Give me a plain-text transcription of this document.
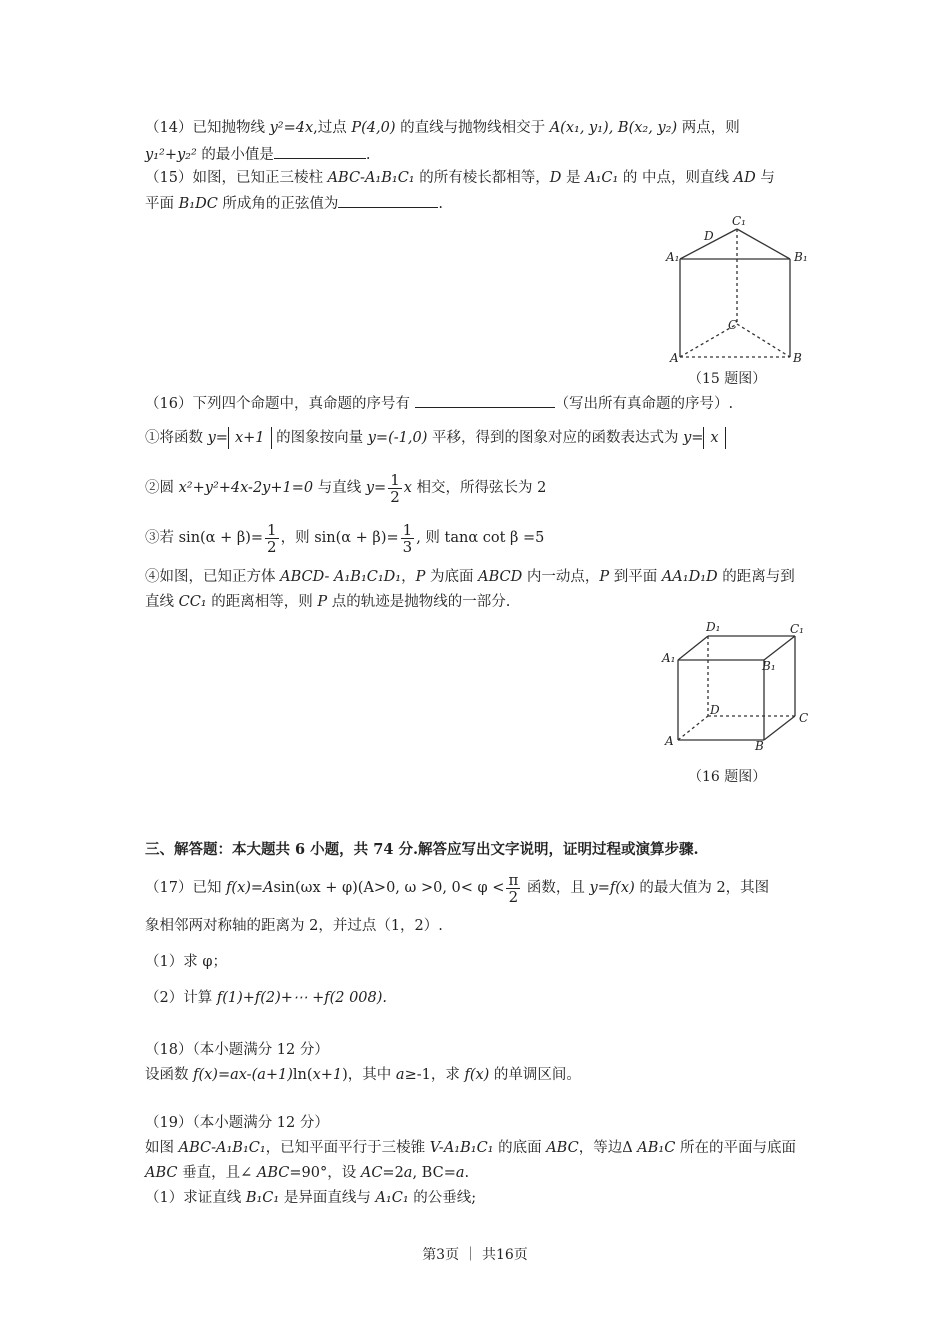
（14）已知抛物线 y²=4x,过点 P(4,0) 的直线与抛物线相交于 A(x₁, y₁), B(x₂, y₂) 两点，则
y₁²+y₂² 的最小值是	.
（15）如图，已知正三棱柱 ABC-A₁B₁C₁ 的所有棱长都相等，D 是 A₁C₁ 的 中点，则直线 AD 与
平面 B₁DC 所成角的正弦值为	.
C₁
D
A₁	B₁
C
A	B
（15 题图）
（16）下列四个命题中，真命题的序号有	（写出所有真命题的序号）.
①将函数 y= x+1 的图象按向量 y=(-1,0) 平移，得到的图象对应的函数表达式为 y= x
②圆 x²+y²+4x-2y+1=0 与直线 $y= \frac{1}{2}$ x 相交，所得弦长为 2
③若 $\sin(\alpha + \beta)= \frac{1}{2}$ ，则 $\sin(\alpha + \beta)= \frac{1}{3}$ , 则 tanα cot β =5
④如图，已知正方体 ABCD- A₁B₁C₁D₁，P 为底面 ABCD 内一动点，P 到平面 AA₁D₁D 的距离与到
直线 CC₁ 的距离相等，则 P 点的轨迹是抛物线的一部分.
D₁	C₁
A₁
B₁
D
C
A	B
（16 题图）
三、解答题：本大题共 6 小题，共 74 分.解答应写出文字说明，证明过程或演算步骤.
（17）已知 f(x)=Asin(ωx + φ)(A>0, ω >0, $0< \varphi < \frac{\pi}{2}$ 函数，且 y=f(x) 的最大值为 2，其图
象相邻两对称轴的距离为 2，并过点（1，2）.
（1）求 φ；
（2）计算 f(1)+f(2)+⋯ +f(2 008).
（18）（本小题满分 12 分）
设函数 f(x)=ax-(a+1)ln(x+1)，其中 a≥-1，求 f(x) 的单调区间。
（19）（本小题满分 12 分）
如图 ABC-A₁B₁C₁，已知平面平行于三棱锥 V-A₁B₁C₁ 的底面 ABC，等边Δ AB₁C 所在的平面与底面
ABC 垂直，且∠ ABC=90°，设 AC=2a, BC=a.
（1）求证直线 B₁C₁ 是异面直线与 A₁C₁ 的公垂线;
第3页 ｜ 共16页
